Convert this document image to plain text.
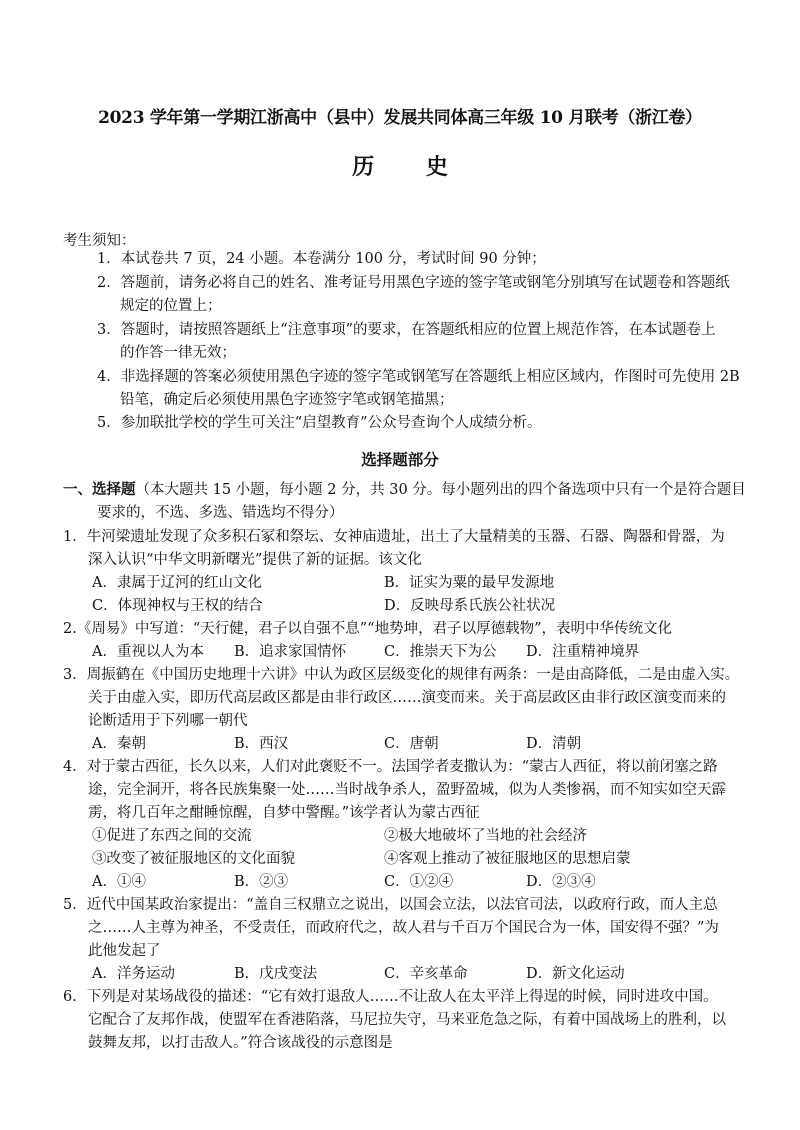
2023 学年第一学期江浙高中（县中）发展共同体高三年级 10 月联考（浙江卷）
历 史
考生须知：
1．本试卷共 7 页，24 小题。本卷满分 100 分，考试时间 90 分钟；
2．答题前，请务必将自己的姓名、准考证号用黑色字迹的签字笔或钢笔分别填写在试题卷和答题纸
规定的位置上；
3．答题时，请按照答题纸上“注意事项”的要求，在答题纸相应的位置上规范作答，在本试题卷上
的作答一律无效；
4．非选择题的答案必须使用黑色字迹的签字笔或钢笔写在答题纸上相应区域内，作图时可先使用 2B
铅笔，确定后必须使用黑色字迹签字笔或钢笔描黑；
5．参加联批学校的学生可关注“启望教育”公众号查询个人成绩分析。
选择题部分
一、选择题（本大题共 15 小题，每小题 2 分，共 30 分。每小题列出的四个备选项中只有一个是符合题目
要求的，不选、多选、错选均不得分）
1．牛河梁遗址发现了众多积石冢和祭坛、女神庙遗址，出土了大量精美的玉器、石器、陶器和骨器，为
深入认识“中华文明新曙光”提供了新的证据。该文化
A．隶属于辽河的红山文化	B．证实为粟的最早发源地
C．体现神权与王权的结合	D．反映母系氏族公社状况
2.《周易》中写道：“天行健，君子以自强不息”“地势坤，君子以厚德载物”，表明中华传统文化
A．重视以人为本 B．追求家国情怀	C．推崇天下为公 D．注重精神境界
3．周振鹤在《中国历史地理十六讲》中认为政区层级变化的规律有两条：一是由高降低，二是由虚入实。
关于由虚入实，即历代高层政区都是由非行政区……演变而来。关于高层政区由非行政区演变而来的
论断适用于下列哪一朝代
A．秦朝	B．西汉	C．唐朝	D．清朝
4．对于蒙古西征，长久以来，人们对此褒贬不一。法国学者麦撒认为：“蒙古人西征，将以前闭塞之路
途，完全洞开，将各民族集聚一处……当时战争杀人，盈野盈城，似为人类惨祸，而不知实如空天霹
雳，将几百年之酣睡惊醒，自梦中警醒。”该学者认为蒙古西征
①促进了东西之间的交流	②极大地破坏了当地的社会经济
③改变了被征服地区的文化面貌	④客观上推动了被征服地区的思想启蒙
A．①④	B．②③	C．①②④	D．②③④
5．近代中国某政治家提出：“盖自三权鼎立之说出，以国会立法，以法官司法，以政府行政，而人主总
之……人主尊为神圣，不受责任，而政府代之，故人君与千百万个国民合为一体，国安得不强？”为
此他发起了
A．洋务运动	B．戊戌变法	C．辛亥革命	D．新文化运动
6．下列是对某场战役的描述：“它有效打退敌人……不让敌人在太平洋上得逞的时候，同时进攻中国。
它配合了友邦作战，使盟军在香港陷落，马尼拉失守，马来亚危急之际，有着中国战场上的胜利，以
鼓舞友邦，以打击敌人。”符合该战役的示意图是
